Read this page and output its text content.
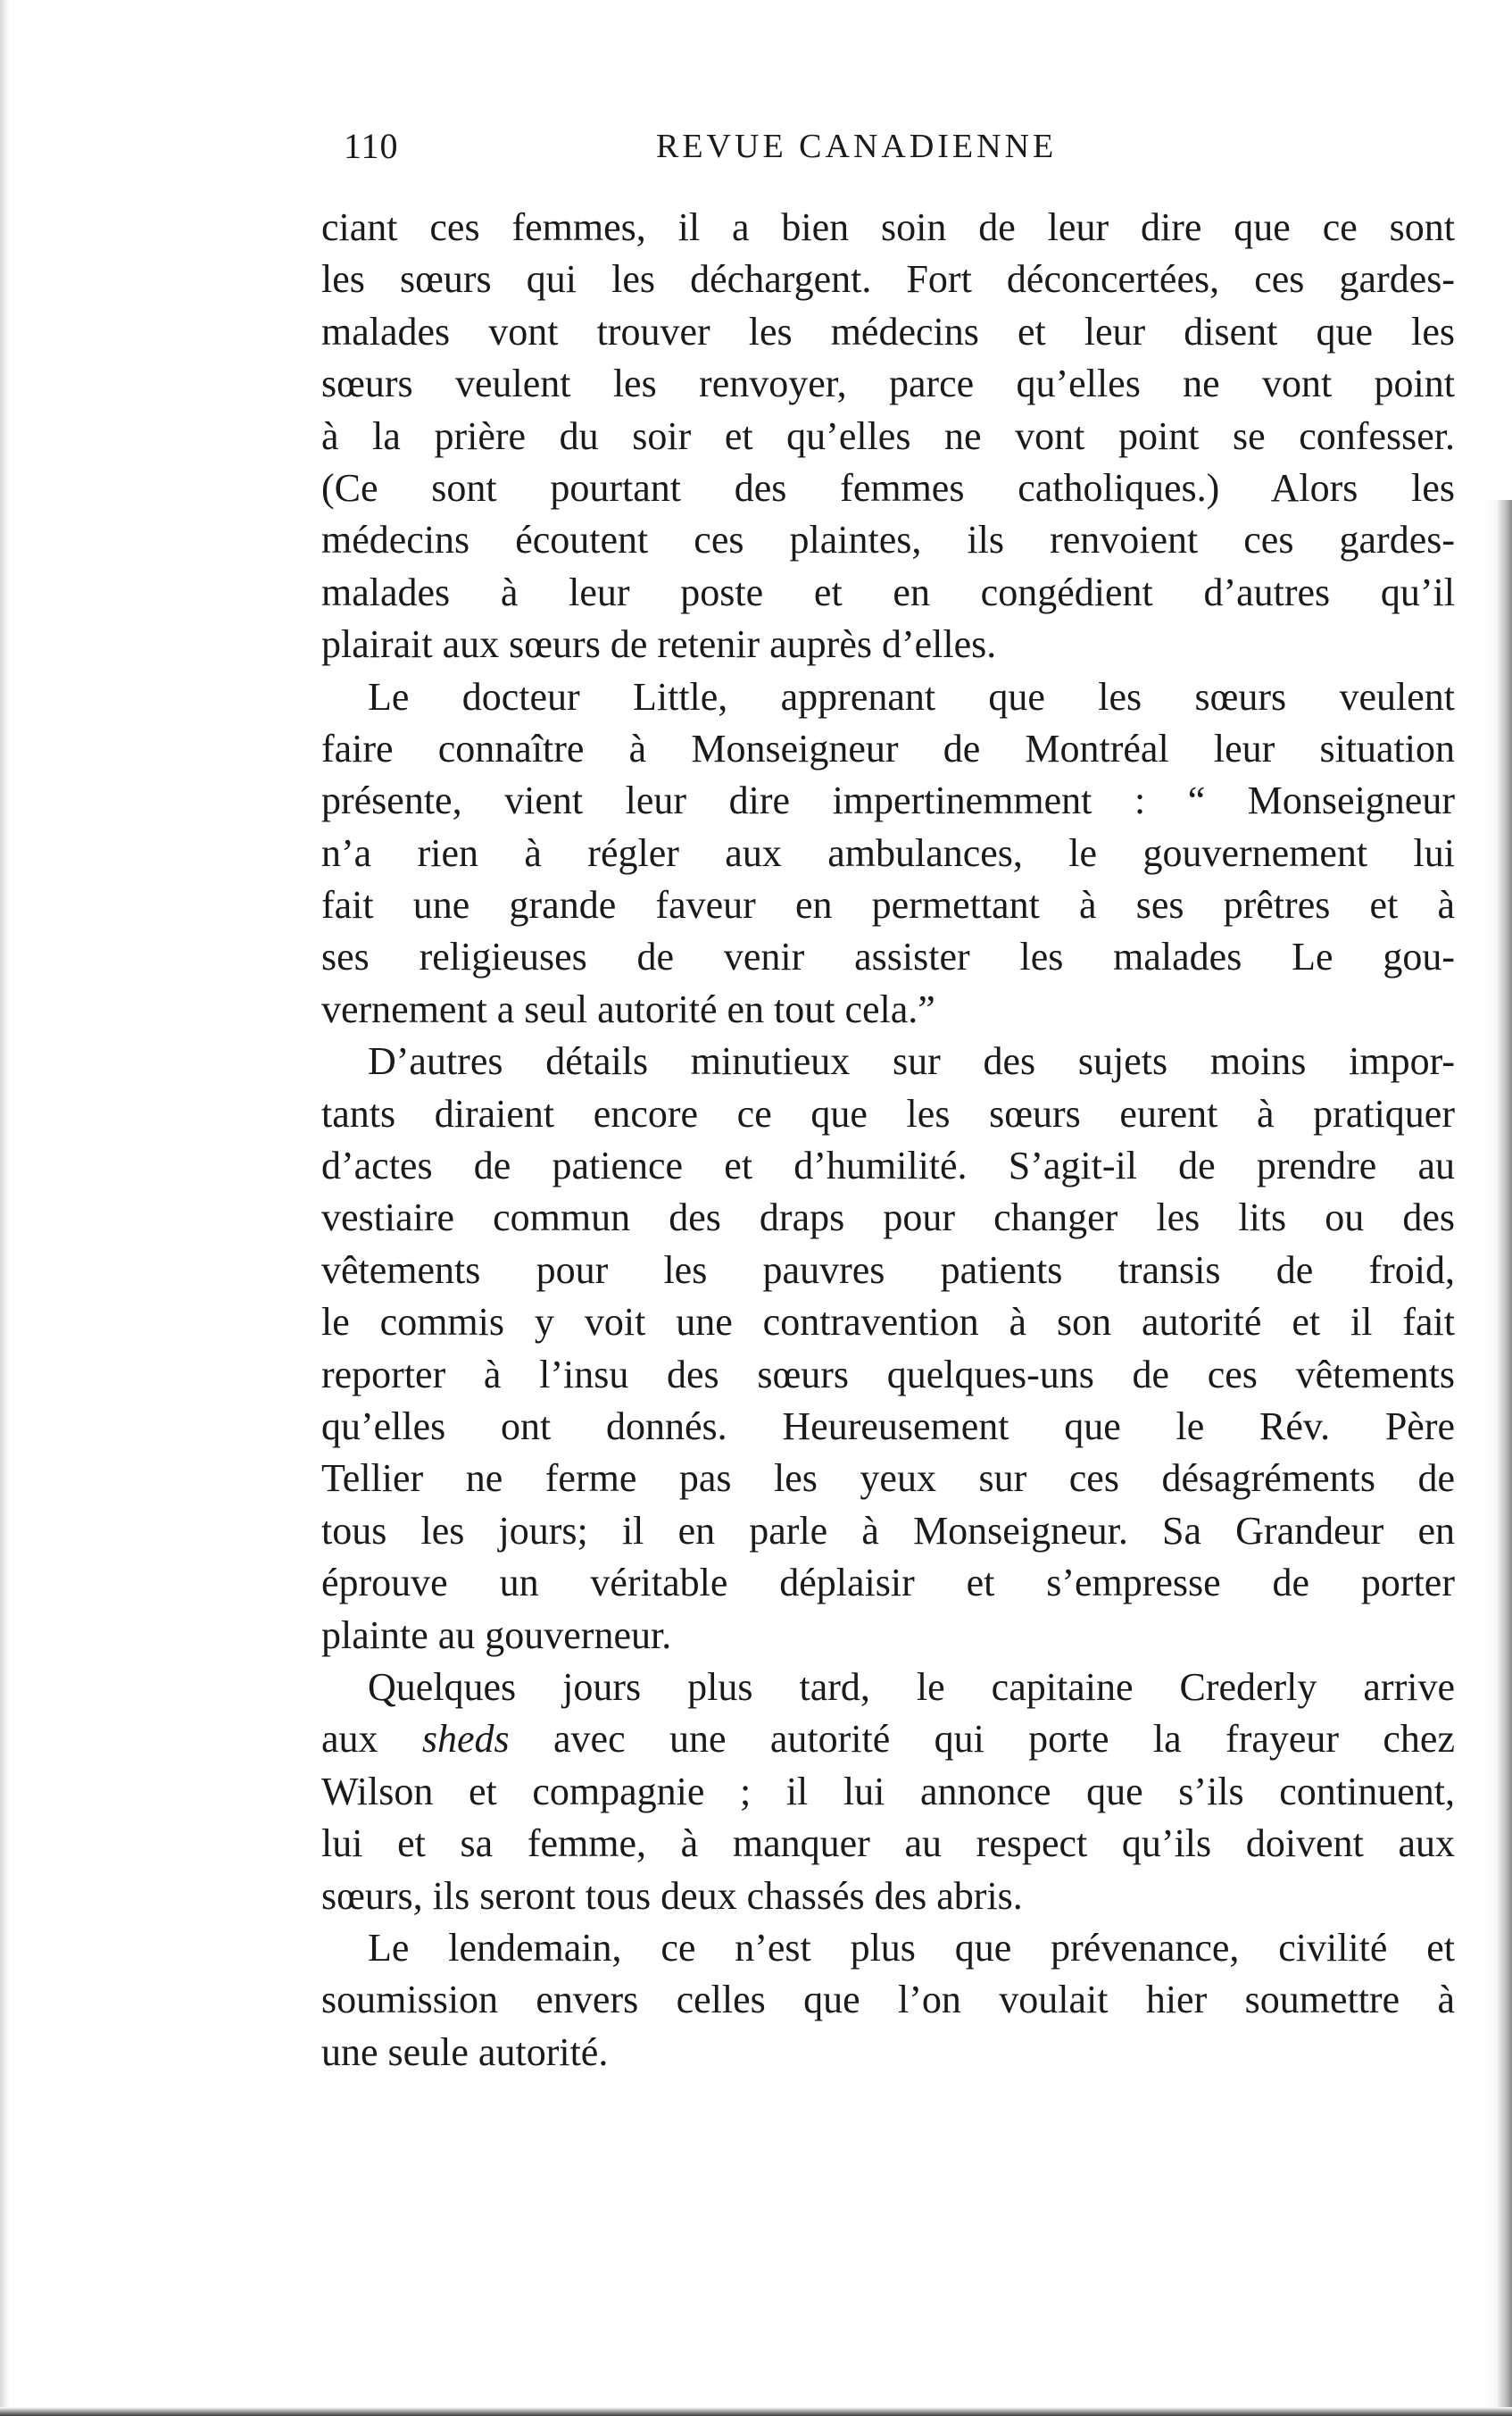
110	REVUE CANADIENNE
ciant ces femmes, il a bien soin de leur dire que ce sont
les sœurs qui les déchargent. Fort déconcertées, ces gardes-
malades vont trouver les médecins et leur disent que les
sœurs veulent les renvoyer, parce qu’elles ne vont point
à la prière du soir et qu’elles ne vont point se confesser.
(Ce sont pourtant des femmes catholiques.) Alors les
médecins écoutent ces plaintes, ils renvoient ces gardes-
malades à leur poste et en congédient d’autres qu’il
plairait aux sœurs de retenir auprès d’elles.
Le docteur Little, apprenant que les sœurs veulent
faire connaître à Monseigneur de Montréal leur situation
présente, vient leur dire impertinemment : “ Monseigneur
n’a rien à régler aux ambulances, le gouvernement lui
fait une grande faveur en permettant à ses prêtres et à
ses religieuses de venir assister les malades Le gou-
vernement a seul autorité en tout cela.”
D’autres détails minutieux sur des sujets moins impor-
tants diraient encore ce que les sœurs eurent à pratiquer
d’actes de patience et d’humilité. S’agit-il de prendre au
vestiaire commun des draps pour changer les lits ou des
vêtements pour les pauvres patients transis de froid,
le commis y voit une contravention à son autorité et il fait
reporter à l’insu des sœurs quelques-uns de ces vêtements
qu’elles ont donnés. Heureusement que le Rév. Père
Tellier ne ferme pas les yeux sur ces désagréments de
tous les jours; il en parle à Monseigneur. Sa Grandeur en
éprouve un véritable déplaisir et s’empresse de porter
plainte au gouverneur.
Quelques jours plus tard, le capitaine Crederly arrive
aux sheds avec une autorité qui porte la frayeur chez
Wilson et compagnie ; il lui annonce que s’ils continuent,
lui et sa femme, à manquer au respect qu’ils doivent aux
sœurs, ils seront tous deux chassés des abris.
Le lendemain, ce n’est plus que prévenance, civilité et
soumission envers celles que l’on voulait hier soumettre à
une seule autorité.
